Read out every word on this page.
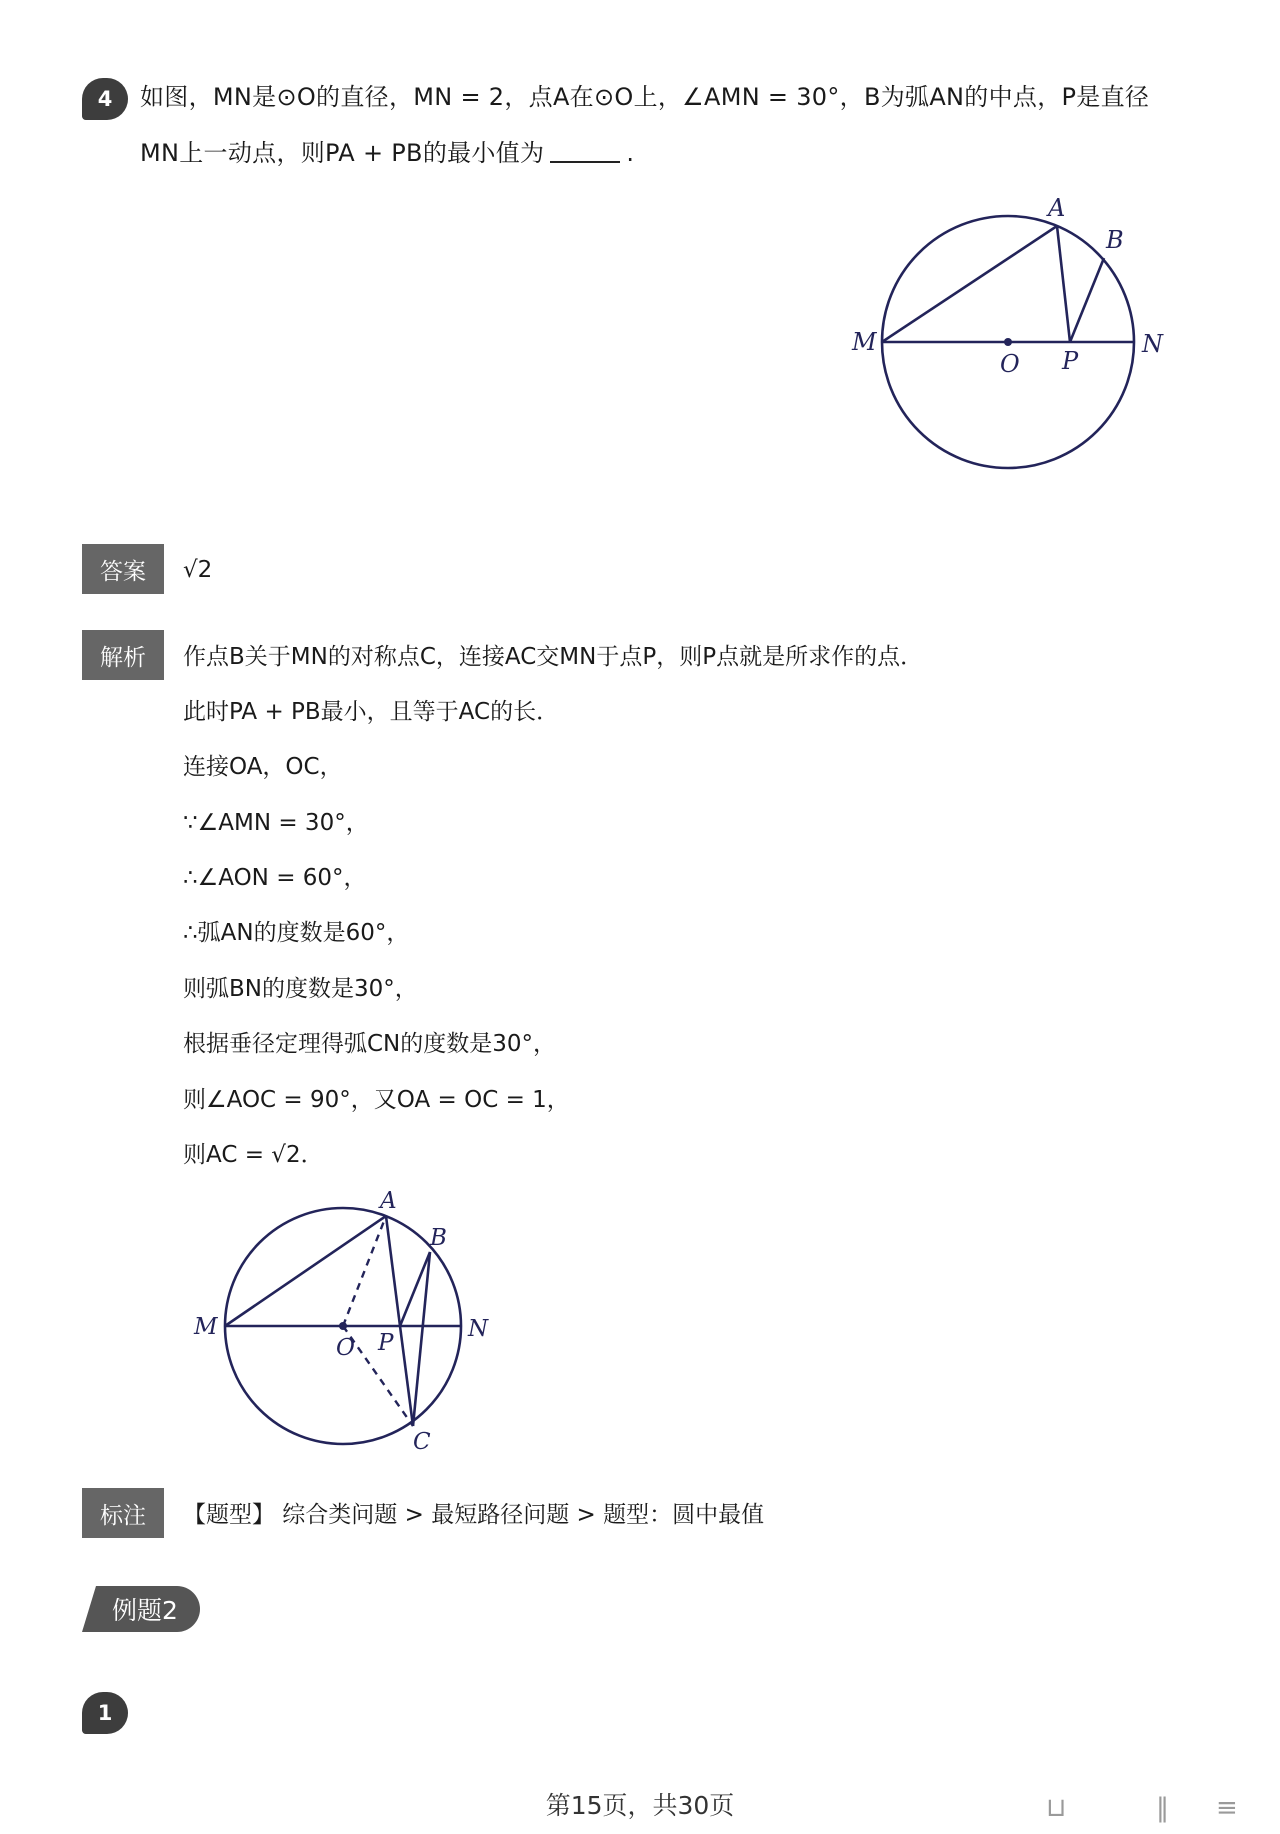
4	如图，MN是⊙O的直径，MN = 2，点A在⊙O上，∠AMN = 30°，B为弧AN的中点，P是直径
MN上一动点，则PA + PB的最小值为	.
A
B
M	N
O P
答案	√2
解析	作点B关于MN的对称点C，连接AC交MN于点P，则P点就是所求作的点．
此时PA + PB最小，且等于AC的长．
连接OA，OC，
∵∠AMN = 30°，
∴∠AON = 60°，
∴弧AN的度数是60°，
则弧BN的度数是30°，
根据垂径定理得弧CN的度数是30°，
则∠AOC = 90°，又OA = OC = 1，
则AC = √2．
A
B
M	N
O P
C
标注	【题型】 综合类问题 > 最短路径问题 > 题型：圆中最值
例题2
1
第15页，共30页	⊔	‖ ≡
